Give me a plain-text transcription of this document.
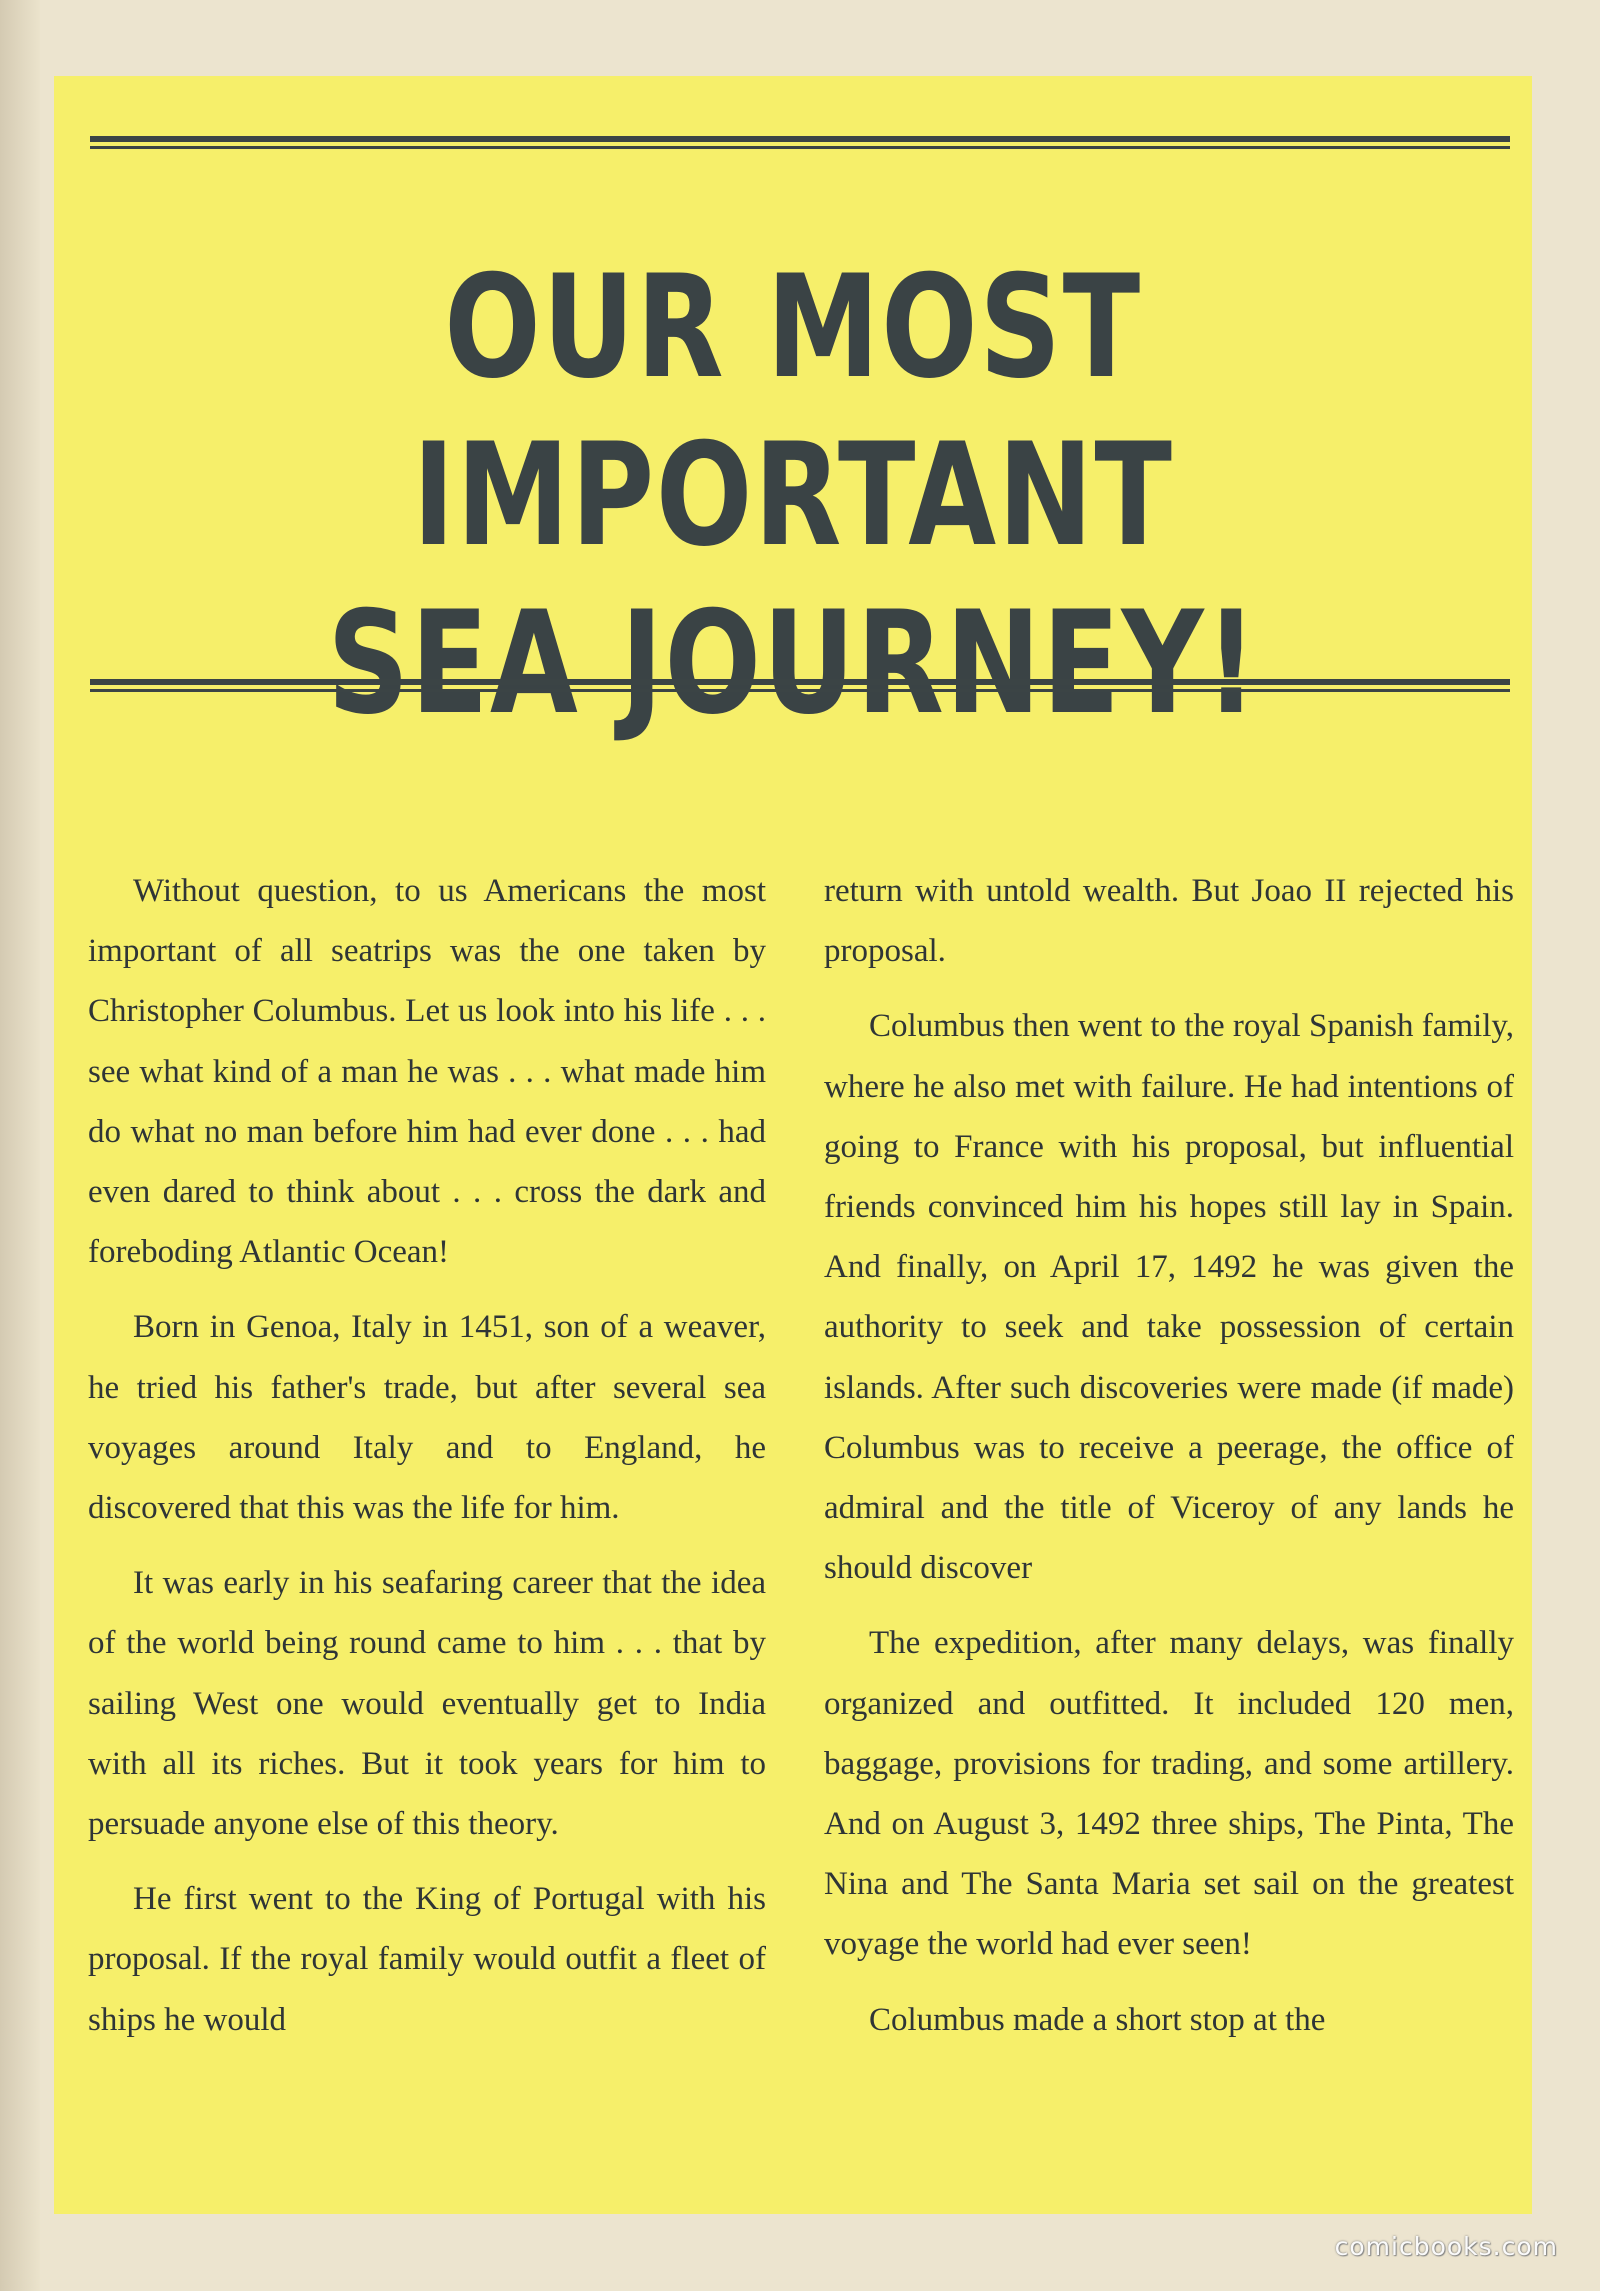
OUR MOST IMPORTANT
SEA JOURNEY!

Without question, to us Americans the most important of all seatrips was the one taken by Christopher Columbus. Let us look into his life . . . see what kind of a man he was . . . what made him do what no man before him had ever done . . . had even dared to think about . . . cross the dark and foreboding Atlantic Ocean!

Born in Genoa, Italy in 1451, son of a weaver, he tried his father's trade, but after several sea voyages around Italy and to England, he discovered that this was the life for him.

It was early in his seafaring career that the idea of the world being round came to him . . . that by sailing West one would eventually get to India with all its riches. But it took years for him to persuade anyone else of this theory.

He first went to the King of Portugal with his proposal. If the royal family would outfit a fleet of ships he would

return with untold wealth. But Joao II rejected his proposal.

Columbus then went to the royal Spanish family, where he also met with failure. He had intentions of going to France with his proposal, but influential friends convinced him his hopes still lay in Spain. And finally, on April 17, 1492 he was given the authority to seek and take possession of certain islands. After such discoveries were made (if made) Columbus was to receive a peerage, the office of admiral and the title of Viceroy of any lands he should discover

The expedition, after many delays, was finally organized and outfitted. It included 120 men, baggage, provisions for trading, and some artillery. And on August 3, 1492 three ships, The Pinta, The Nina and The Santa Maria set sail on the greatest voyage the world had ever seen!

Columbus made a short stop at the

comicbooks.com
